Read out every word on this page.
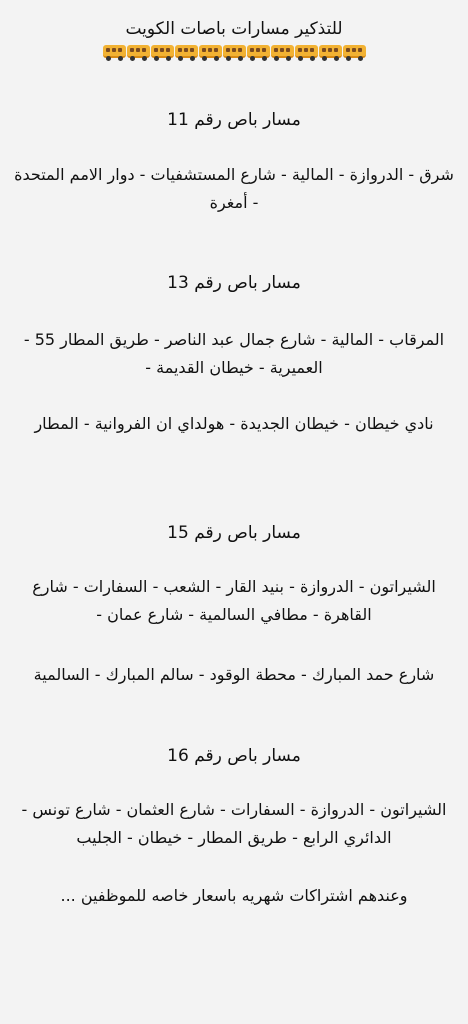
للتذكير مسارات باصات الكويت
مسار باص رقم 11
شرق - الدروازة - المالية - شارع المستشفيات - دوار الامم المتحدة - أمغرة
مسار باص رقم 13
المرقاب - المالية - شارع جمال عبد الناصر - طريق المطار 55 - العميرية - خيطان القديمة -
نادي خيطان - خيطان الجديدة - هولداي ان الفروانية - المطار
مسار باص رقم 15
الشيراتون - الدروازة - بنيد القار - الشعب - السفارات - شارع القاهرة - مطافي السالمية - شارع عمان -
شارع حمد المبارك - محطة الوقود - سالم المبارك - السالمية
مسار باص رقم 16
الشيراتون - الدروازة - السفارات - شارع العثمان - شارع تونس - الدائري الرابع - طريق المطار - خيطان - الجليب
وعندهم اشتراكات شهريه باسعار خاصه للموظفين ...
